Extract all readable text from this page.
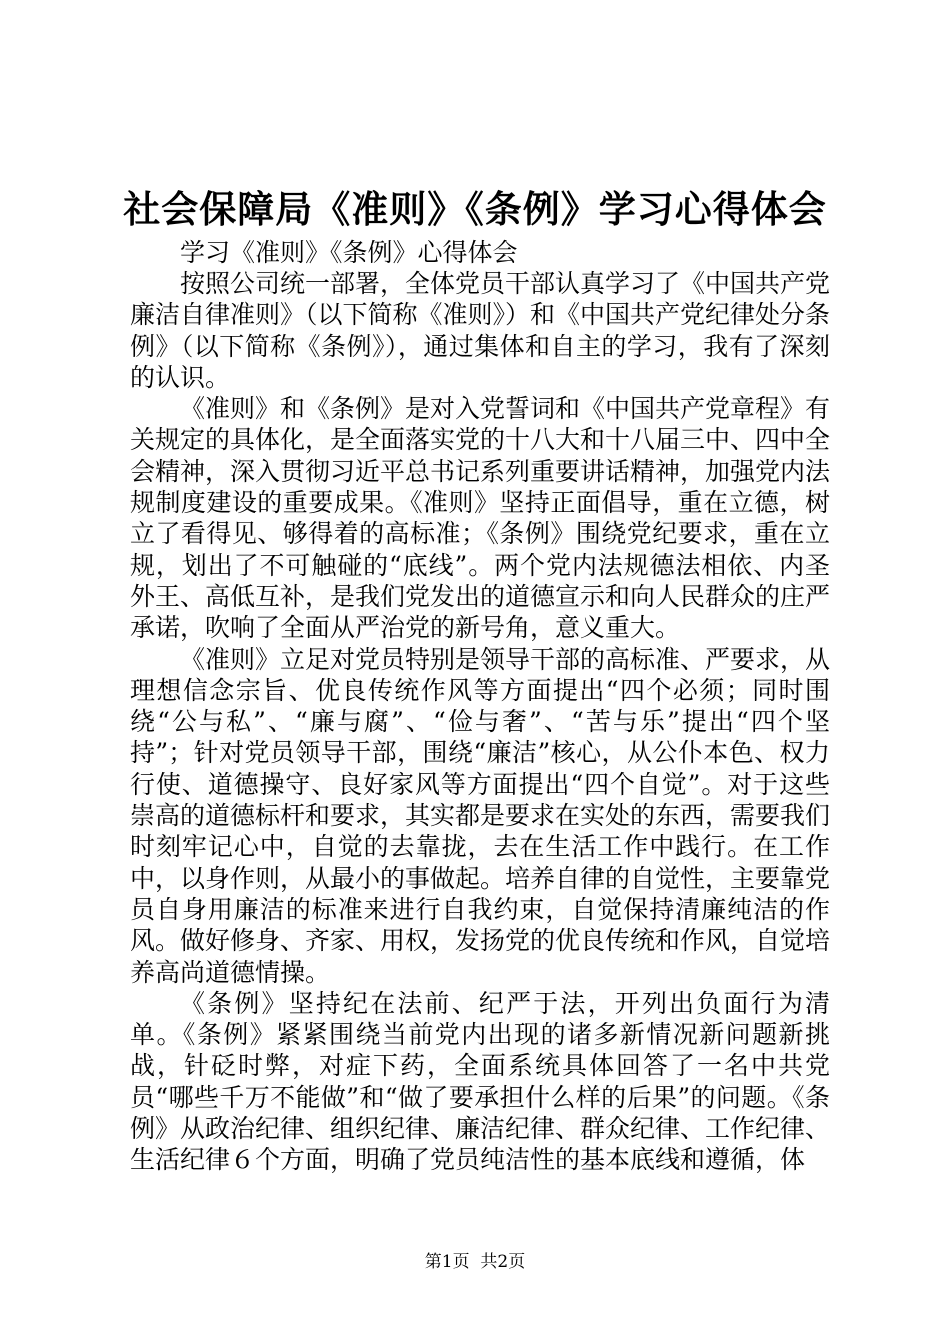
社会保障局《准则》《条例》学习心得体会
学习《准则》《条例》心得体会

按照公司统一部署，全体党员干部认真学习了《中国共产党廉洁自律准则》（以下简称《准则》）和《中国共产党纪律处分条例》（以下简称《条例》），通过集体和自主的学习，我有了深刻的认识。

《准则》和《条例》是对入党誓词和《中国共产党章程》有关规定的具体化，是全面落实党的十八大和十八届三中、四中全会精神，深入贯彻习近平总书记系列重要讲话精神，加强党内法规制度建设的重要成果。《准则》坚持正面倡导，重在立德，树立了看得见、够得着的高标准；《条例》围绕党纪要求，重在立规，划出了不可触碰的“底线”。两个党内法规德法相依、内圣外王、高低互补，是我们党发出的道德宣示和向人民群众的庄严承诺，吹响了全面从严治党的新号角，意义重大。

《准则》立足对党员特别是领导干部的高标准、严要求，从理想信念宗旨、优良传统作风等方面提出“四个必须；同时围绕“公与私”、“廉与腐”、“俭与奢”、“苦与乐”提出“四个坚持”；针对党员领导干部，围绕“廉洁”核心，从公仆本色、权力行使、道德操守、良好家风等方面提出“四个自觉”。对于这些崇高的道德标杆和要求，其实都是要求在实处的东西，需要我们时刻牢记心中，自觉的去靠拢，去在生活工作中践行。在工作中，以身作则，从最小的事做起。培养自律的自觉性，主要靠党员自身用廉洁的标准来进行自我约束，自觉保持清廉纯洁的作风。做好修身、齐家、用权，发扬党的优良传统和作风，自觉培养高尚道德情操。

《条例》坚持纪在法前、纪严于法，开列出负面行为清单。《条例》紧紧围绕当前党内出现的诸多新情况新问题新挑战，针砭时弊，对症下药，全面系统具体回答了一名中共党员“哪些千万不能做”和“做了要承担什么样的后果”的问题。《条例》从政治纪律、组织纪律、廉洁纪律、群众纪律、工作纪律、生活纪律６个方面，明确了党员纯洁性的基本底线和遵循，体

第1页 共2页
